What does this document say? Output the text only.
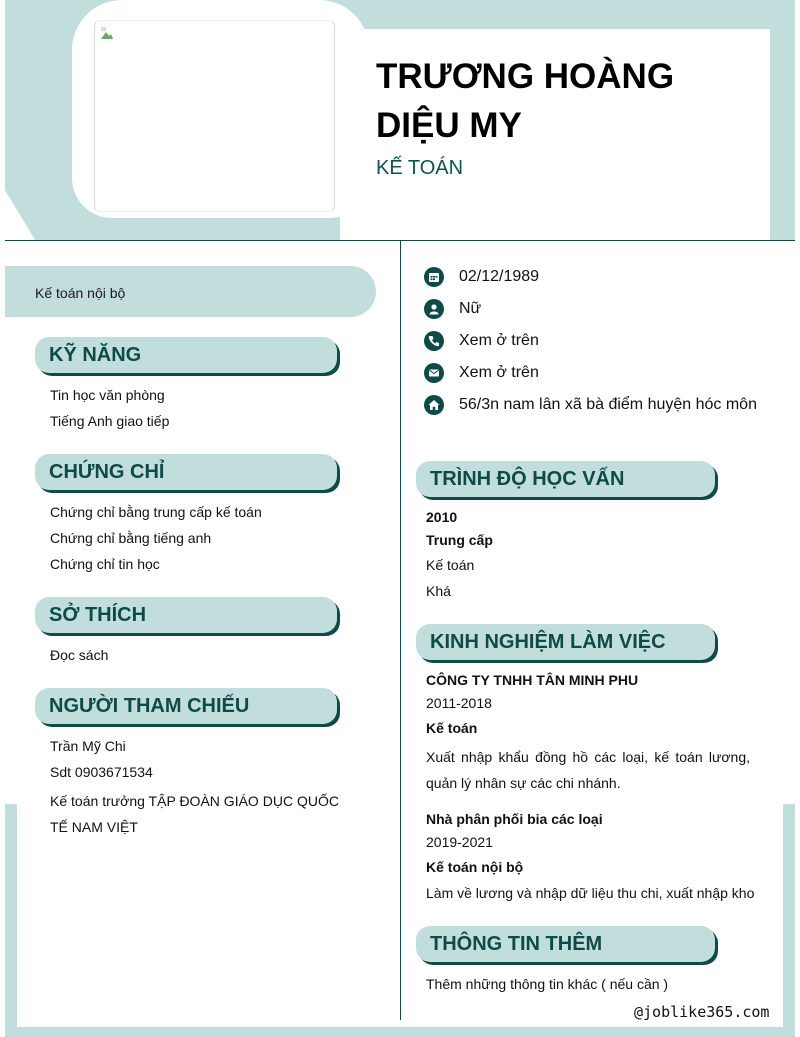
TRƯƠNG HOÀNG DIỆU MY
KẾ TOÁN
Kế toán nội bộ
KỸ NĂNG
Tin học văn phòng
Tiếng Anh giao tiếp
CHỨNG CHỈ
Chứng chỉ bằng trung cấp kế toán
Chứng chỉ bằng tiếng anh
Chứng chỉ tin học
SỞ THÍCH
Đọc sách
NGƯỜI THAM CHIẾU
Trần Mỹ Chi
Sdt 0903671534
Kế toán trưởng TẬP ĐOÀN GIÁO DỤC QUỐC TẾ NAM VIỆT
02/12/1989
Nữ
Xem ở trên
Xem ở trên
56/3n nam lân xã bà điểm huyện hóc môn
TRÌNH ĐỘ HỌC VẤN
2010
Trung cấp
Kế toán
Khá
KINH NGHIỆM LÀM VIỆC
CÔNG TY TNHH TÂN MINH PHU
2011-2018
Kế toán
Xuất nhập khẩu đồng hồ các loại, kế toán lương, quản lý nhân sự các chi nhánh.
Nhà phân phối bia các loại
2019-2021
Kế toán nội bộ
Làm về lương và nhập dữ liệu thu chi, xuất nhập kho
THÔNG TIN THÊM
Thêm những thông tin khác ( nếu cần )
@joblike365.com
